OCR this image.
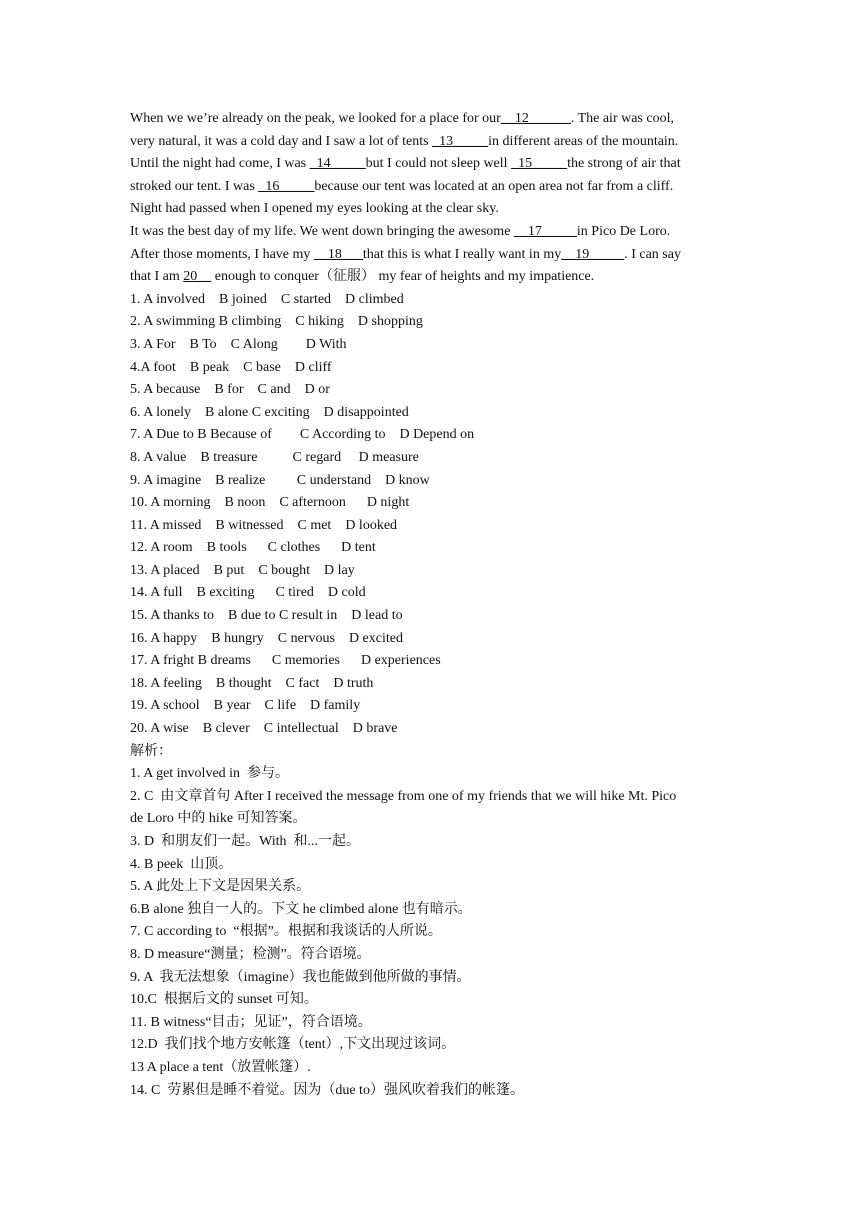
When we we’re already on the peak, we looked for a place for our__12______. The air was cool,
very natural, it was a cold day and I saw a lot of tents _13_____in different areas of the mountain.
Until the night had come, I was _14_____but I could not sleep well _15_____the strong of air that
stroked our tent. I was _16_____because our tent was located at an open area not far from a cliff.
Night had passed when I opened my eyes looking at the clear sky.
It was the best day of my life. We went down bringing the awesome __17_____in Pico De Loro.
After those moments, I have my __18___that this is what I really want in my__19_____. I can say
that I am 20__ enough to conquer（征服） my fear of heights and my impatience.
1. A involved    B joined    C started    D climbed
2. A swimming B climbing    C hiking    D shopping
3. A For    B To    C Along        D With
4.A foot    B peak    C base    D cliff
5. A because    B for    C and    D or
6. A lonely    B alone C exciting    D disappointed
7. A Due to B Because of        C According to    D Depend on
8. A value    B treasure          C regard     D measure
9. A imagine    B realize         C understand    D know
10. A morning    B noon    C afternoon      D night
11. A missed    B witnessed    C met    D looked
12. A room    B tools      C clothes      D tent
13. A placed    B put    C bought    D lay
14. A full    B exciting      C tired    D cold
15. A thanks to    B due to C result in    D lead to
16. A happy    B hungry    C nervous    D excited
17. A fright B dreams      C memories      D experiences
18. A feeling    B thought    C fact    D truth
19. A school    B year    C life    D family
20. A wise    B clever    C intellectual    D brave
解析：
1. A get involved in  参与。
2. C  由文章首句 After I received the message from one of my friends that we will hike Mt. Pico
de Loro 中的 hike 可知答案。
3. D  和朋友们一起。With  和...一起。
4. B peek  山顶。
5. A 此处上下文是因果关系。
6.B alone 独自一人的。下文 he climbed alone 也有暗示。
7. C according to  “根据”。根据和我谈话的人所说。
8. D measure“测量；检测”。符合语境。
9. A  我无法想象（imagine）我也能做到他所做的事情。
10.C  根据后文的 sunset 可知。
11. B witness“目击；见证”，符合语境。
12.D  我们找个地方安帐篷（tent）,下文出现过该词。
13 A place a tent（放置帐篷）.
14. C  劳累但是睡不着觉。因为（due to）强风吹着我们的帐篷。
